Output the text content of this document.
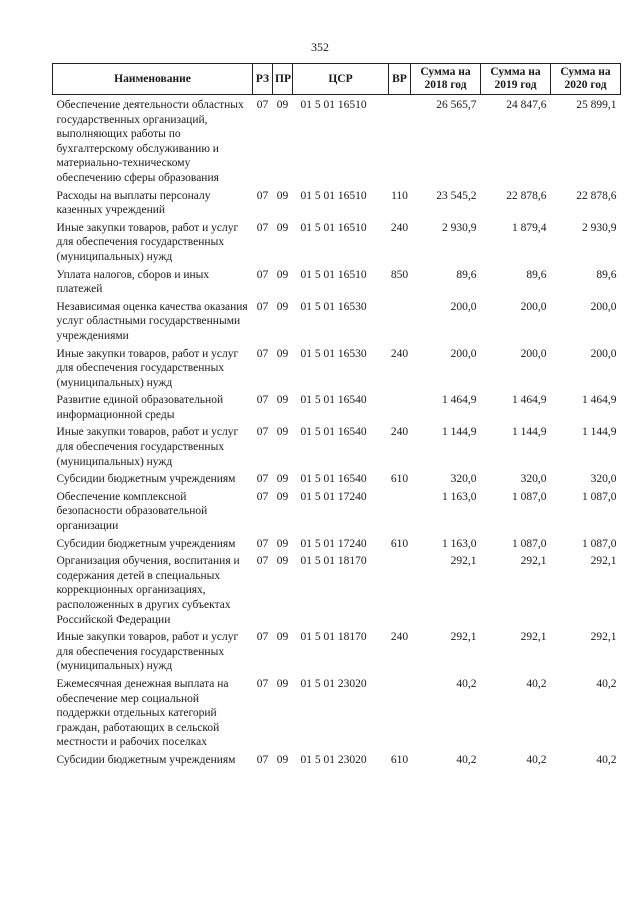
352
Наименование	РЗ	ПР	ЦСР	ВР	Сумма на 2018 год	Сумма на 2019 год	Сумма на 2020 год
Обеспечение деятельности областных государственных организаций, выполняющих работы по бухгалтерскому обслуживанию и материально-техническому обеспечению сферы образования	07	09	01 5 01 16510		26 565,7	24 847,6	25 899,1
Расходы на выплаты персоналу казенных учреждений	07	09	01 5 01 16510	110	23 545,2	22 878,6	22 878,6
Иные закупки товаров, работ и услуг для обеспечения государственных (муниципальных) нужд	07	09	01 5 01 16510	240	2 930,9	1 879,4	2 930,9
Уплата налогов, сборов и иных платежей	07	09	01 5 01 16510	850	89,6	89,6	89,6
Независимая оценка качества оказания услуг областными государственными учреждениями	07	09	01 5 01 16530		200,0	200,0	200,0
Иные закупки товаров, работ и услуг для обеспечения государственных (муниципальных) нужд	07	09	01 5 01 16530	240	200,0	200,0	200,0
Развитие единой образовательной информационной среды	07	09	01 5 01 16540		1 464,9	1 464,9	1 464,9
Иные закупки товаров, работ и услуг для обеспечения государственных (муниципальных) нужд	07	09	01 5 01 16540	240	1 144,9	1 144,9	1 144,9
Субсидии бюджетным учреждениям	07	09	01 5 01 16540	610	320,0	320,0	320,0
Обеспечение комплексной безопасности образовательной организации	07	09	01 5 01 17240		1 163,0	1 087,0	1 087,0
Субсидии бюджетным учреждениям	07	09	01 5 01 17240	610	1 163,0	1 087,0	1 087,0
Организация обучения, воспитания и содержания детей в специальных коррекционных организациях, расположенных в других субъектах Российской Федерации	07	09	01 5 01 18170		292,1	292,1	292,1
Иные закупки товаров, работ и услуг для обеспечения государственных (муниципальных) нужд	07	09	01 5 01 18170	240	292,1	292,1	292,1
Ежемесячная денежная выплата на обеспечение мер социальной поддержки отдельных категорий граждан, работающих в сельской местности и рабочих поселках	07	09	01 5 01 23020		40,2	40,2	40,2
Субсидии бюджетным учреждениям	07	09	01 5 01 23020	610	40,2	40,2	40,2
